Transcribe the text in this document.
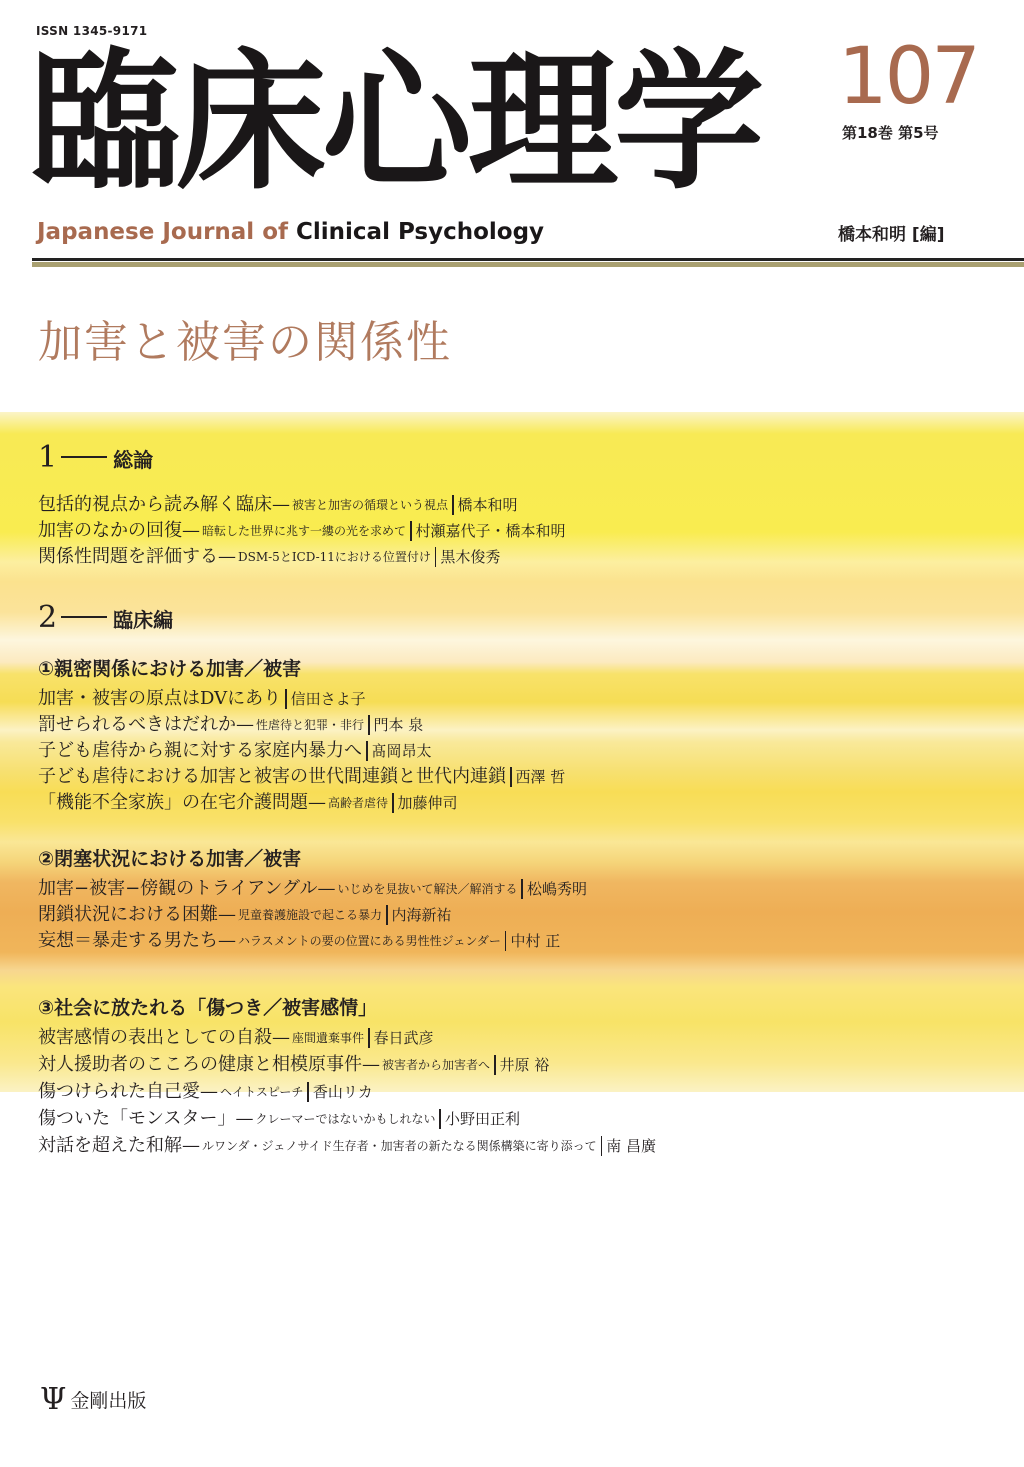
ISSN 1345-9171
臨床心理学 107
第18巻 第5号
Japanese Journal of Clinical Psychology	橋本和明 [編]
加害と被害の関係性
1	総論
包括的視点から読み解く臨床 — 被害と加害の循環という視点 橋本和明
加害のなかの回復 — 暗転した世界に兆す一縷の光を求めて 村瀬嘉代子・橋本和明
関係性問題を評価する — DSM-5とICD-11における位置付け 黒木俊秀
2	臨床編
①親密関係における加害／被害
加害・被害の原点はDVにあり 信田さよ子
罰せられるべきはだれか — 性虐待と犯罪・非行 門本 泉
子ども虐待から親に対する家庭内暴力へ 髙岡昂太
子ども虐待における加害と被害の世代間連鎖と世代内連鎖 西澤 哲
「機能不全家族」の在宅介護問題 — 高齢者虐待 加藤伸司
②閉塞状況における加害／被害
加害−被害−傍観のトライアングル — いじめを見抜いて解決／解消する 松嶋秀明
閉鎖状況における困難 — 児童養護施設で起こる暴力 内海新祐
妄想＝暴走する男たち — ハラスメントの要の位置にある男性性ジェンダー 中村 正
③社会に放たれる「傷つき／被害感情」
被害感情の表出としての自殺 — 座間遺棄事件 春日武彦
対人援助者のこころの健康と相模原事件 — 被害者から加害者へ 井原 裕
傷つけられた自己愛 — ヘイトスピーチ 香山リカ
傷ついた「モンスター」 — クレーマーではないかもしれない 小野田正利
対話を超えた和解 — ルワンダ・ジェノサイド生存者・加害者の新たなる関係構築に寄り添って 南 昌廣
Ψ 金剛出版
